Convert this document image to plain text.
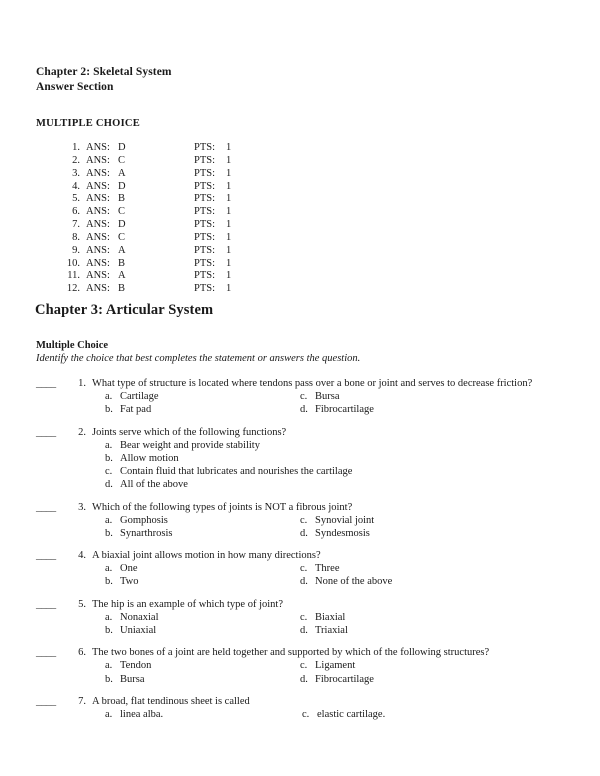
Chapter 2: Skeletal System
Answer Section
MULTIPLE CHOICE
1.	ANS:	D	PTS:	1
2.	ANS:	C	PTS:	1
3.	ANS:	A	PTS:	1
4.	ANS:	D	PTS:	1
5.	ANS:	B	PTS:	1
6.	ANS:	C	PTS:	1
7.	ANS:	D	PTS:	1
8.	ANS:	C	PTS:	1
9.	ANS:	A	PTS:	1
10.	ANS:	B	PTS:	1
11.	ANS:	A	PTS:	1
12.	ANS:	B	PTS:	1
Chapter 3: Articular System
Multiple Choice
Identify the choice that best completes the statement or answers the question.
____	1. What type of structure is located where tendons pass over a bone or joint and serves to decrease friction?
a. Cartilage	c. Bursa
b. Fat pad	d. Fibrocartilage
____	2. Joints serve which of the following functions?
a. Bear weight and provide stability
b. Allow motion
c. Contain fluid that lubricates and nourishes the cartilage
d. All of the above
____	3. Which of the following types of joints is NOT a fibrous joint?
a. Gomphosis	c. Synovial joint
b. Synarthrosis	d. Syndesmosis
____	4. A biaxial joint allows motion in how many directions?
a. One	c. Three
b. Two	d. None of the above
____	5. The hip is an example of which type of joint?
a. Nonaxial	c. Biaxial
b. Uniaxial	d. Triaxial
____	6. The two bones of a joint are held together and supported by which of the following structures?
a. Tendon	c. Ligament
b. Bursa	d. Fibrocartilage
____	7. A broad, flat tendinous sheet is called
a. linea alba.	c. elastic cartilage.
